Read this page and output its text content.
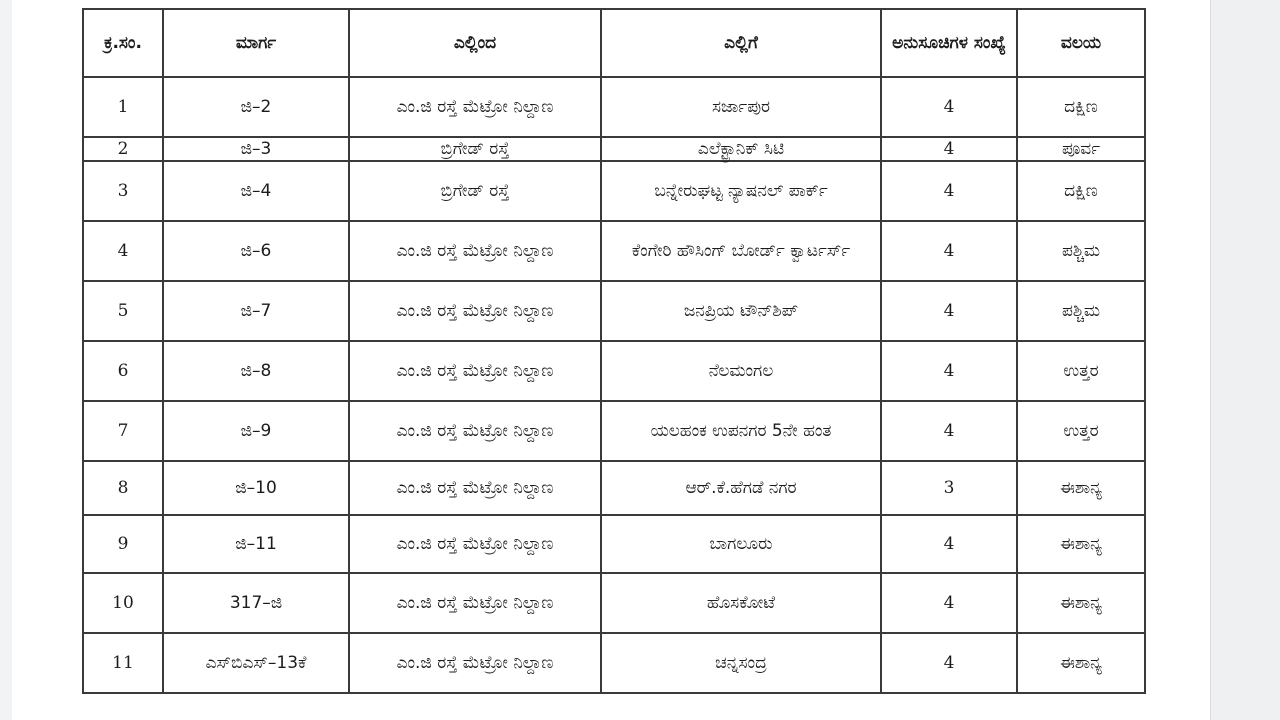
ಕ್ರ.ಸಂ.	ಮಾರ್ಗ	ಎಲ್ಲಿಂದ	ಎಲ್ಲಿಗೆ	ಅನುಸೂಚಿಗಳ ಸಂಖ್ಯೆ	ವಲಯ
1	ಜಿ–2	ಎಂ.ಜಿ ರಸ್ತೆ ಮೆಟ್ರೋ ನಿಲ್ದಾಣ	ಸರ್ಜಾಪುರ	4	ದಕ್ಷಿಣ
2	ಜಿ–3	ಬ್ರಿಗೇಡ್ ರಸ್ತೆ	ಎಲೆಕ್ಟ್ರಾನಿಕ್ ಸಿಟಿ	4	ಪೂರ್ವ
3	ಜಿ–4	ಬ್ರಿಗೇಡ್ ರಸ್ತೆ	ಬನ್ನೇರುಘಟ್ಟ ನ್ಯಾಷನಲ್ ಪಾರ್ಕ್	4	ದಕ್ಷಿಣ
4	ಜಿ–6	ಎಂ.ಜಿ ರಸ್ತೆ ಮೆಟ್ರೋ ನಿಲ್ದಾಣ	ಕೆಂಗೇರಿ ಹೌಸಿಂಗ್ ಬೋರ್ಡ್ ಕ್ವಾರ್ಟರ್ಸ್	4	ಪಶ್ಚಿಮ
5	ಜಿ–7	ಎಂ.ಜಿ ರಸ್ತೆ ಮೆಟ್ರೋ ನಿಲ್ದಾಣ	ಜನಪ್ರಿಯ ಟೌನ್‌ಶಿಪ್	4	ಪಶ್ಚಿಮ
6	ಜಿ–8	ಎಂ.ಜಿ ರಸ್ತೆ ಮೆಟ್ರೋ ನಿಲ್ದಾಣ	ನೆಲಮಂಗಲ	4	ಉತ್ತರ
7	ಜಿ–9	ಎಂ.ಜಿ ರಸ್ತೆ ಮೆಟ್ರೋ ನಿಲ್ದಾಣ	ಯಲಹಂಕ ಉಪನಗರ 5ನೇ ಹಂತ	4	ಉತ್ತರ
8	ಜಿ–10	ಎಂ.ಜಿ ರಸ್ತೆ ಮೆಟ್ರೋ ನಿಲ್ದಾಣ	ಆರ್.ಕೆ.ಹೆಗಡೆ ನಗರ	3	ಈಶಾನ್ಯ
9	ಜಿ–11	ಎಂ.ಜಿ ರಸ್ತೆ ಮೆಟ್ರೋ ನಿಲ್ದಾಣ	ಬಾಗಲೂರು	4	ಈಶಾನ್ಯ
10	317–ಜಿ	ಎಂ.ಜಿ ರಸ್ತೆ ಮೆಟ್ರೋ ನಿಲ್ದಾಣ	ಹೊಸಕೋಟೆ	4	ಈಶಾನ್ಯ
11	ಎಸ್‌ಬಿಎಸ್–13ಕೆ	ಎಂ.ಜಿ ರಸ್ತೆ ಮೆಟ್ರೋ ನಿಲ್ದಾಣ	ಚನ್ನಸಂದ್ರ	4	ಈಶಾನ್ಯ
